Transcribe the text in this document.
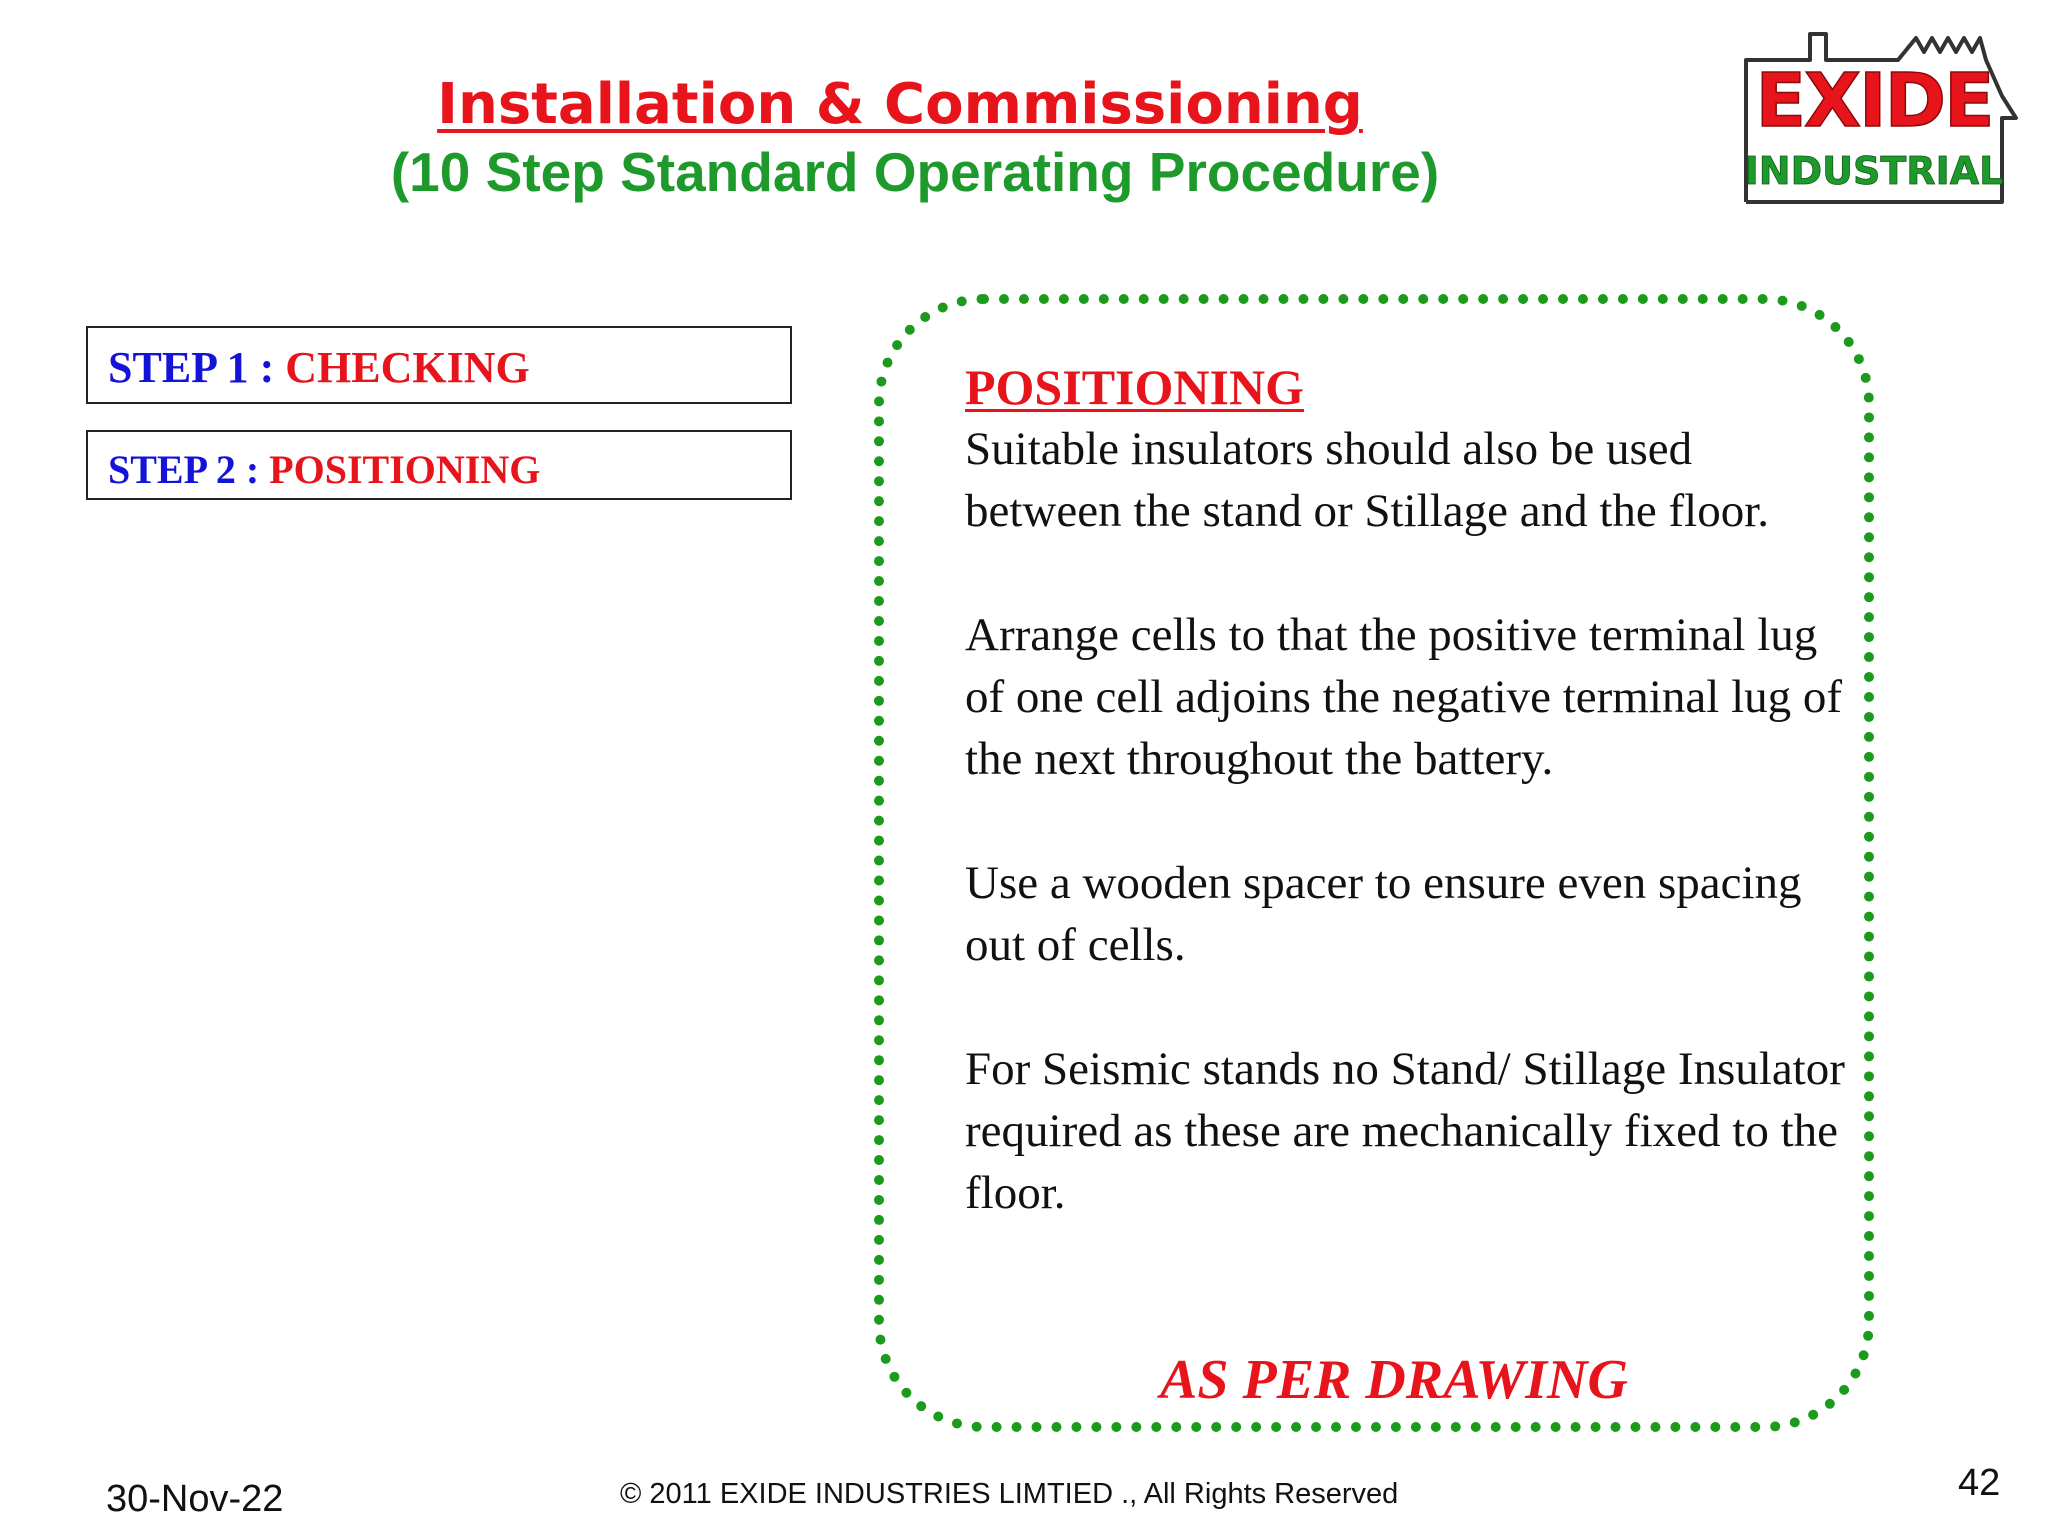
Installation & Commissioning
(10 Step Standard Operating Procedure)
EXIDE
INDUSTRIAL
STEP 1 : CHECKING
STEP 2 : POSITIONING
POSITIONING

Suitable insulators should also be used between the stand or Stillage and the floor.

Arrange cells to that the positive terminal lug of one cell adjoins the negative terminal lug of the next throughout the battery.

Use a wooden spacer to ensure even spacing out of cells.

For Seismic stands no Stand/ Stillage Insulator required as these are mechanically fixed to the floor.

AS PER DRAWING
30-Nov-22	© 2011 EXIDE INDUSTRIES LIMTIED ., All Rights Reserved	42
